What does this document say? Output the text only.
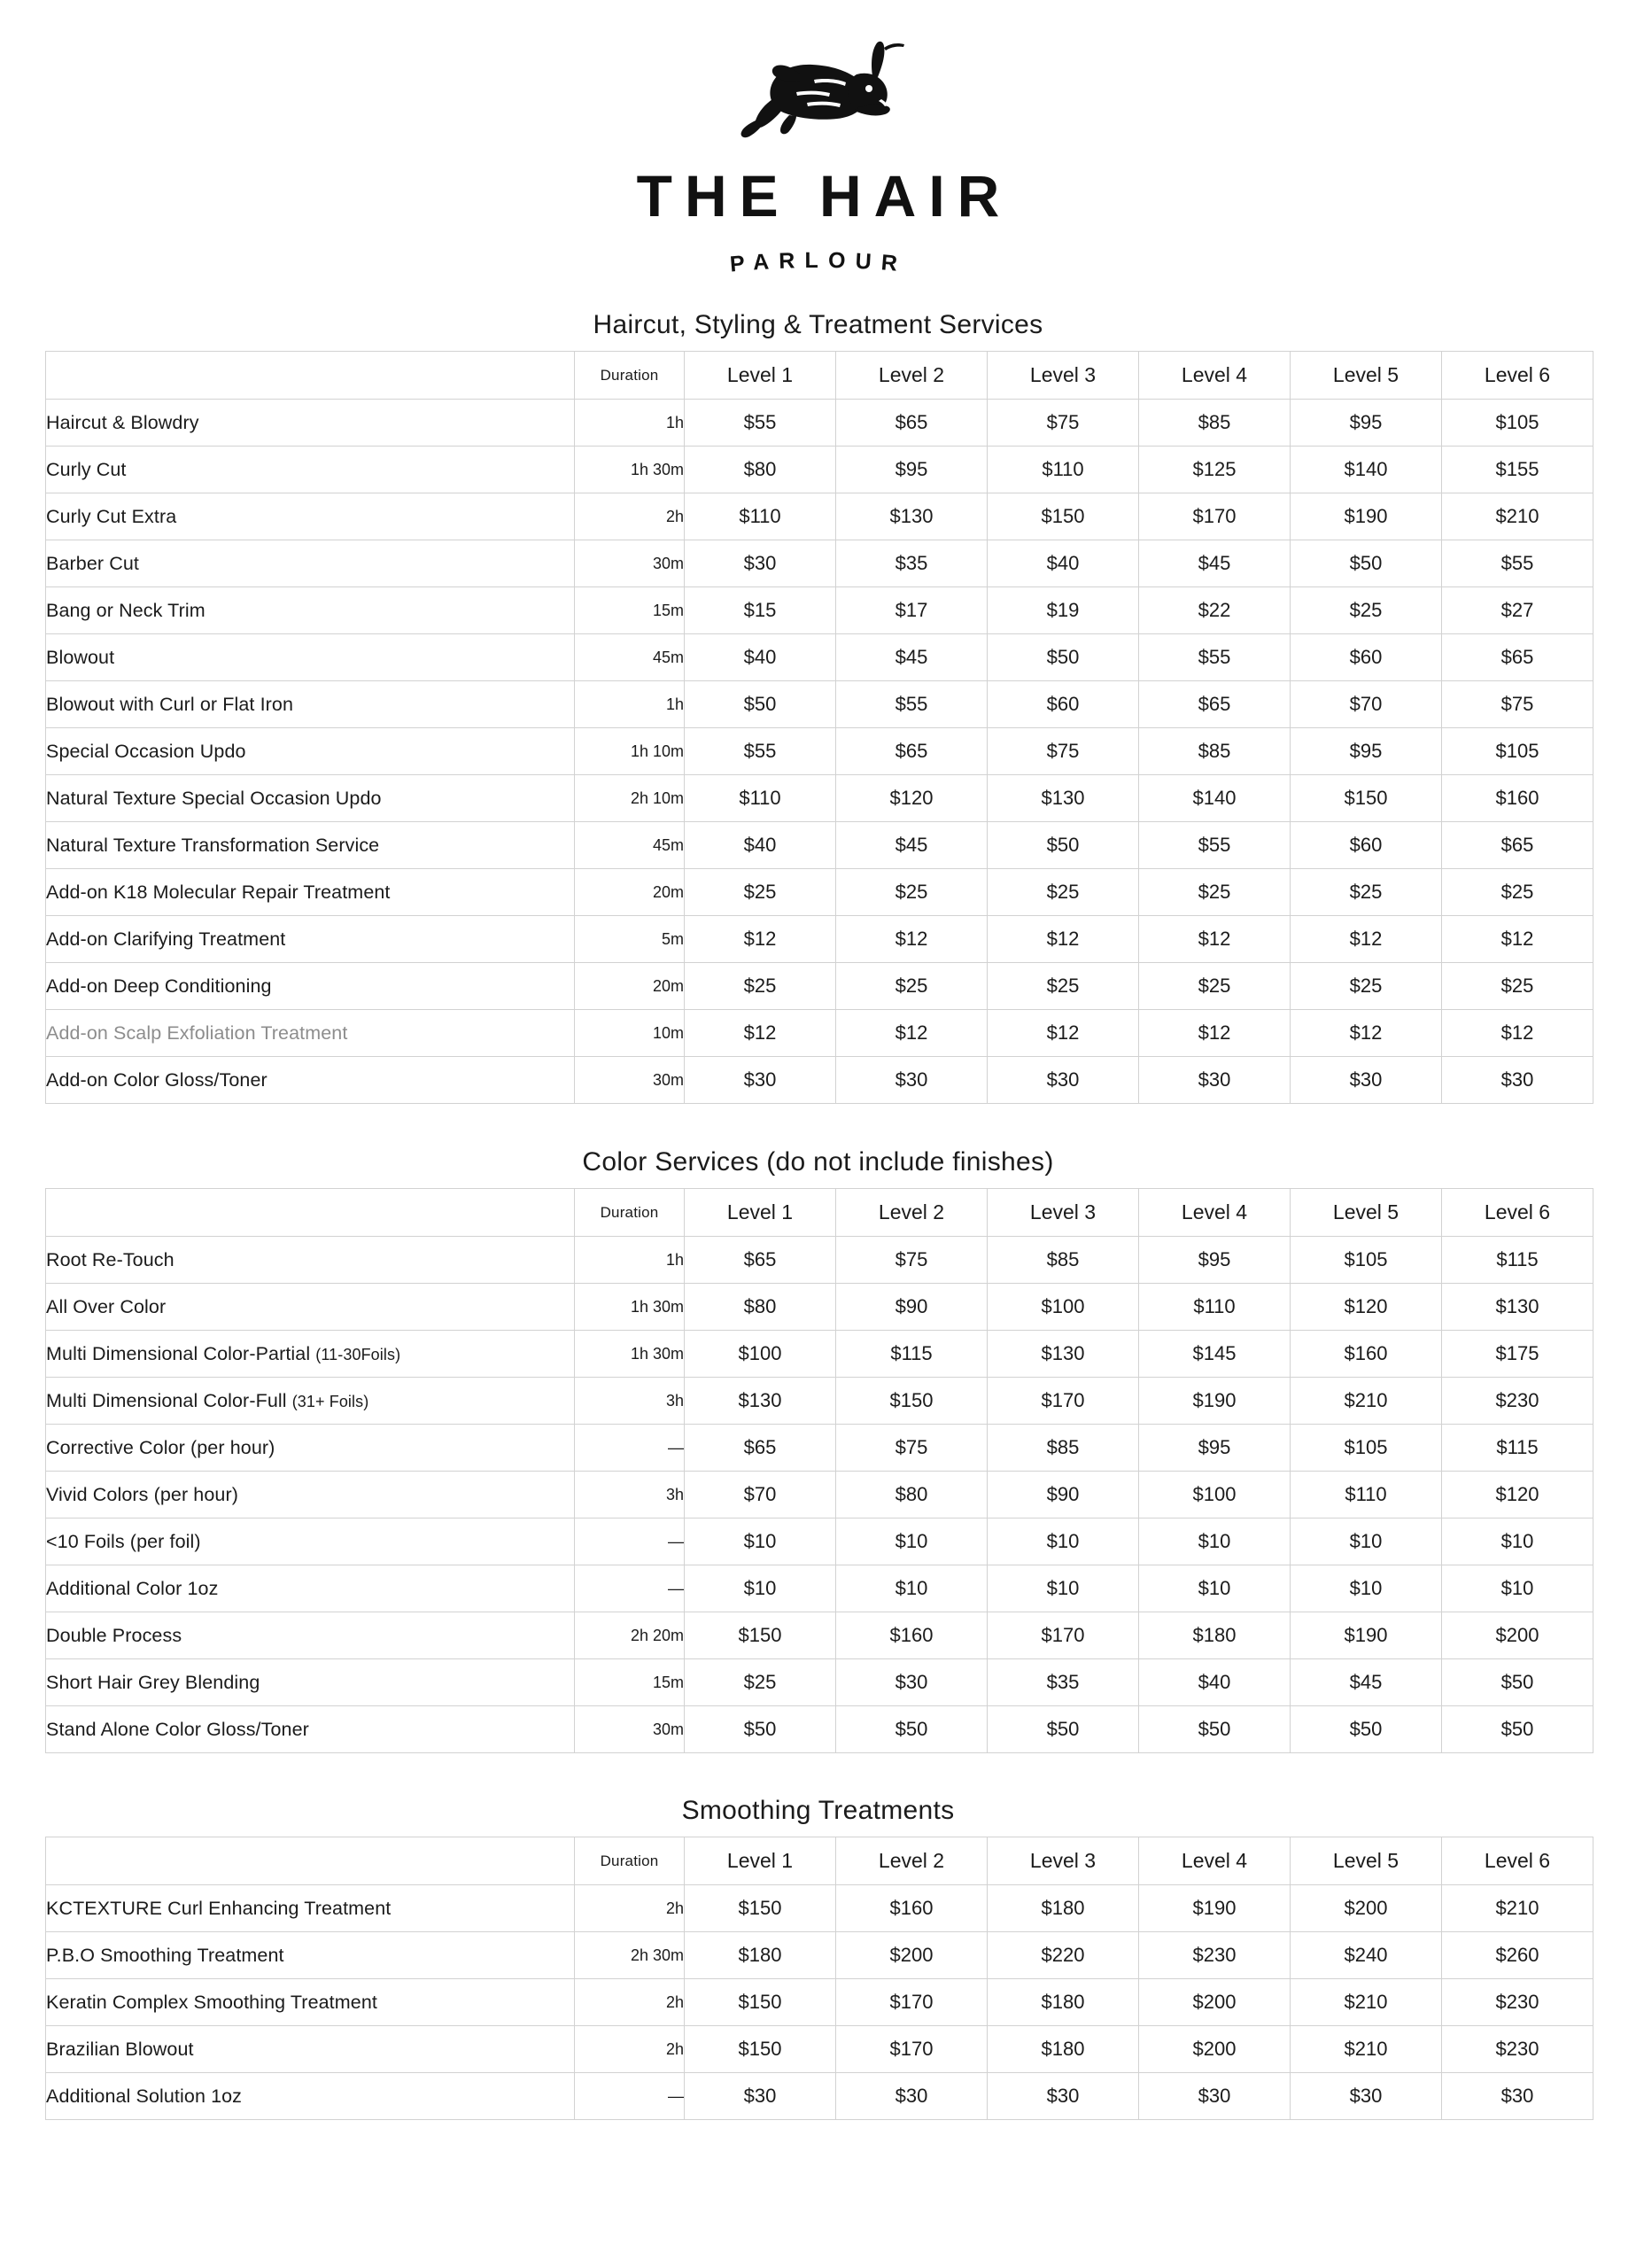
THE HAIR
PARLOUR
Haircut, Styling & Treatment Services
	Duration	Level 1	Level 2	Level 3	Level 4	Level 5	Level 6
Haircut & Blowdry	1h	$55	$65	$75	$85	$95	$105
Curly Cut	1h 30m	$80	$95	$110	$125	$140	$155
Curly Cut Extra	2h	$110	$130	$150	$170	$190	$210
Barber Cut	30m	$30	$35	$40	$45	$50	$55
Bang or Neck Trim	15m	$15	$17	$19	$22	$25	$27
Blowout	45m	$40	$45	$50	$55	$60	$65
Blowout with Curl or Flat Iron	1h	$50	$55	$60	$65	$70	$75
Special Occasion Updo	1h 10m	$55	$65	$75	$85	$95	$105
Natural Texture Special Occasion Updo	2h 10m	$110	$120	$130	$140	$150	$160
Natural Texture Transformation Service	45m	$40	$45	$50	$55	$60	$65
Add-on K18 Molecular Repair Treatment	20m	$25	$25	$25	$25	$25	$25
Add-on Clarifying Treatment	5m	$12	$12	$12	$12	$12	$12
Add-on Deep Conditioning	20m	$25	$25	$25	$25	$25	$25
Add-on Scalp Exfoliation Treatment	10m	$12	$12	$12	$12	$12	$12
Add-on Color Gloss/Toner	30m	$30	$30	$30	$30	$30	$30
Color Services (do not include finishes)
	Duration	Level 1	Level 2	Level 3	Level 4	Level 5	Level 6
Root Re-Touch	1h	$65	$75	$85	$95	$105	$115
All Over Color	1h 30m	$80	$90	$100	$110	$120	$130
Multi Dimensional Color-Partial (11-30Foils)	1h 30m	$100	$115	$130	$145	$160	$175
Multi Dimensional Color-Full (31+ Foils)	3h	$130	$150	$170	$190	$210	$230
Corrective Color (per hour)	—	$65	$75	$85	$95	$105	$115
Vivid Colors (per hour)	3h	$70	$80	$90	$100	$110	$120
<10 Foils (per foil)	—	$10	$10	$10	$10	$10	$10
Additional Color 1oz	—	$10	$10	$10	$10	$10	$10
Double Process	2h 20m	$150	$160	$170	$180	$190	$200
Short Hair Grey Blending	15m	$25	$30	$35	$40	$45	$50
Stand Alone Color Gloss/Toner	30m	$50	$50	$50	$50	$50	$50
Smoothing Treatments
	Duration	Level 1	Level 2	Level 3	Level 4	Level 5	Level 6
KCTEXTURE Curl Enhancing Treatment	2h	$150	$160	$180	$190	$200	$210
P.B.O Smoothing Treatment	2h 30m	$180	$200	$220	$230	$240	$260
Keratin Complex Smoothing Treatment	2h	$150	$170	$180	$200	$210	$230
Brazilian Blowout	2h	$150	$170	$180	$200	$210	$230
Additional Solution 1oz	—	$30	$30	$30	$30	$30	$30
